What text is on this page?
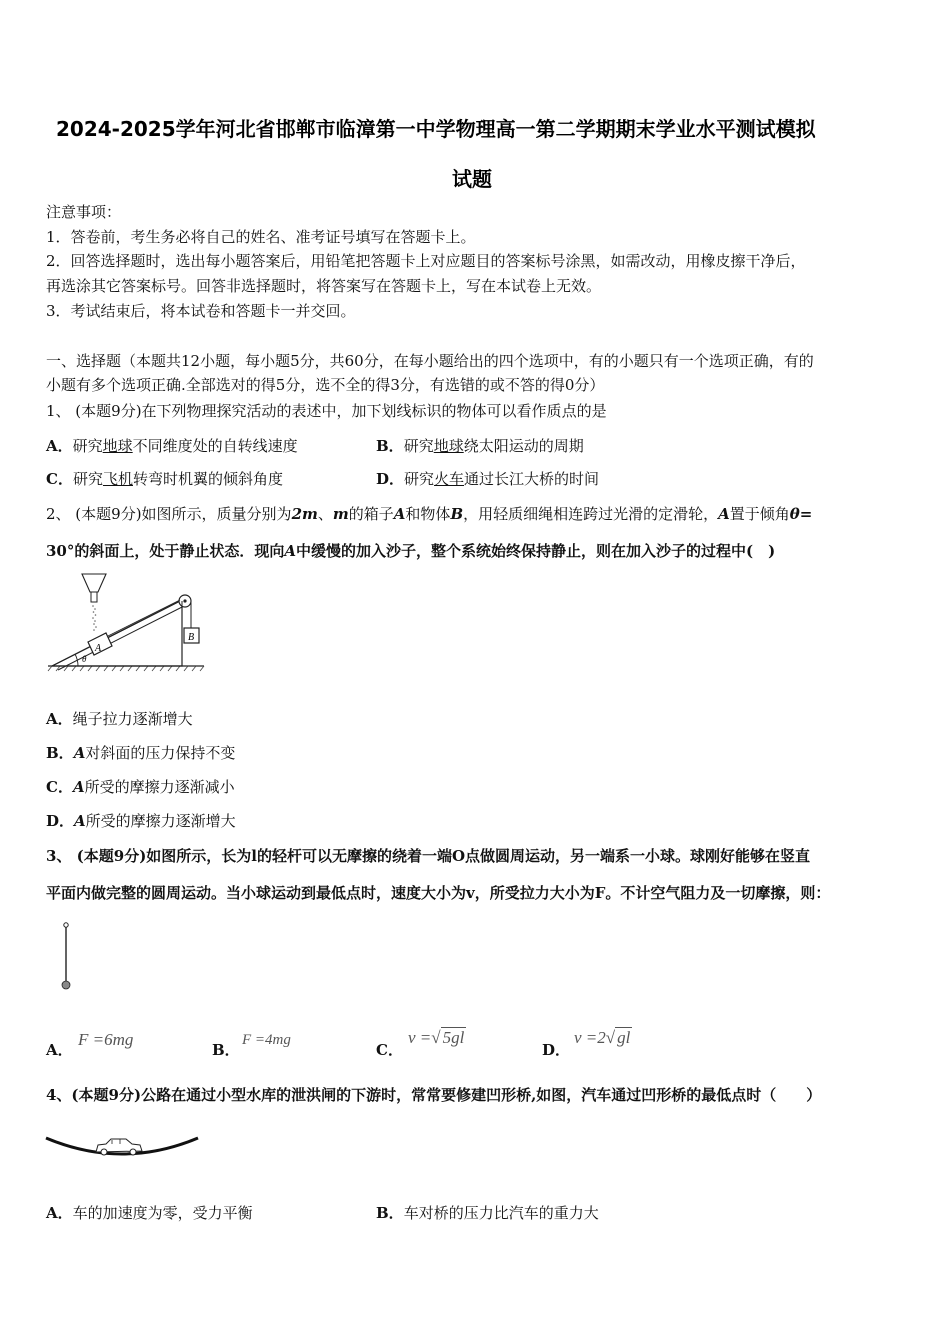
2024-2025学年河北省邯郸市临漳第一中学物理高一第二学期期末学业水平测试模拟
试题
注意事项：
1．答卷前，考生务必将自己的姓名、准考证号填写在答题卡上。
2．回答选择题时，选出每小题答案后，用铅笔把答题卡上对应题目的答案标号涂黑，如需改动，用橡皮擦干净后，
再选涂其它答案标号。回答非选择题时，将答案写在答题卡上，写在本试卷上无效。
3．考试结束后，将本试卷和答题卡一并交回。
一、选择题（本题共12小题，每小题5分，共60分，在每小题给出的四个选项中，有的小题只有一个选项正确，有的
小题有多个选项正确.全部选对的得5分，选不全的得3分，有选错的或不答的得0分）
1、 (本题9分)在下列物理探究活动的表述中，加下划线标识的物体可以看作质点的是
A．研究地球不同维度处的自转线速度	B．研究地球绕太阳运动的周期
C．研究飞机转弯时机翼的倾斜角度	D．研究火车通过长江大桥的时间
2、 (本题9分)如图所示，质量分别为2m、m的箱子A和物体B，用轻质细绳相连跨过光滑的定滑轮，A置于倾角θ=
30°的斜面上，处于静止状态．现向A中缓慢的加入沙子，整个系统始终保持静止，则在加入沙子的过程中(　)
A
B
θ
A．绳子拉力逐渐增大
B．A对斜面的压力保持不变
C．A所受的摩擦力逐渐减小
D．A所受的摩擦力逐渐增大
3、 (本题9分)如图所示，长为l的轻杆可以无摩擦的绕着一端O点做圆周运动，另一端系一小球。球刚好能够在竖直
平面内做完整的圆周运动。当小球运动到最低点时，速度大小为v，所受拉力大小为F。不计空气阻力及一切摩擦，则：
A．
F =6mg
B．
F =4mg
C．
v =√ 5gl
D．
v =2√ gl
4、(本题9分)公路在通过小型水库的泄洪闸的下游时，常常要修建凹形桥,如图，汽车通过凹形桥的最低点时（　　）
A．车的加速度为零，受力平衡	B．车对桥的压力比汽车的重力大
